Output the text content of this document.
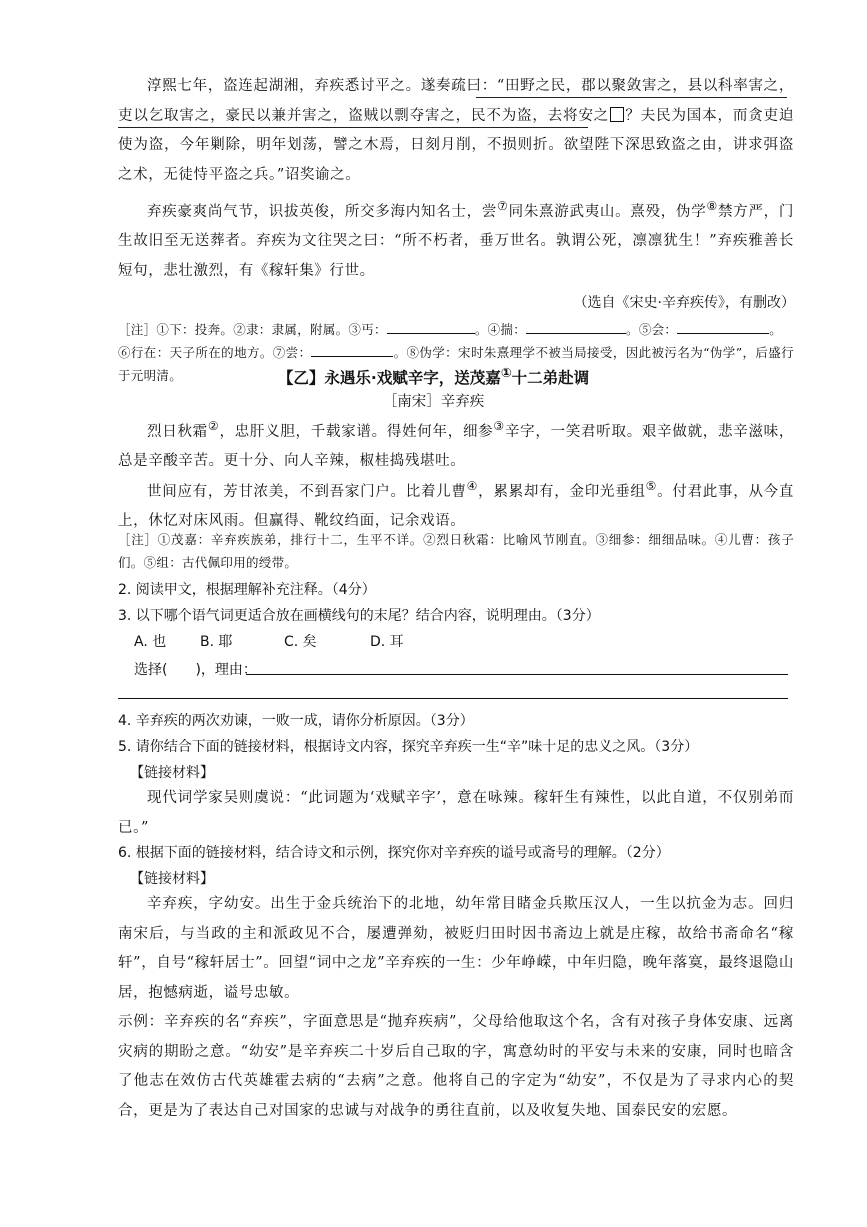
淳熙七年，盗连起湖湘，弃疾悉讨平之。遂奏疏曰：“田野之民，郡以聚敛害之，县以科率害之，吏以乞取害之，豪民以兼并害之，盗贼以剽夺害之，民不为盗，去将安之 ？夫民为国本，而贪吏迫使为盗，今年剿除，明年划荡，譬之木焉，日刻月削，不损则折。欲望陛下深思致盗之由，讲求弭盗之术，无徒恃平盗之兵。”诏奖谕之。
弃疾豪爽尚气节，识拔英俊，所交多海内知名士，尝⑦同朱熹游武夷山。熹殁，伪学⑧禁方严，门生故旧至无送葬者。弃疾为文往哭之曰：“所不朽者，垂万世名。孰谓公死，凛凛犹生！”弃疾雅善长短句，悲壮激烈，有《稼轩集》行世。
（选自《宋史·辛弃疾传》，有删改）
［注］①下：投奔。②隶：隶属，附属。③丐：	。④揣：	。⑤会：	。
⑥行在：天子所在的地方。⑦尝：	。⑧伪学：宋时朱熹理学不被当局接受，因此被污名为“伪学”，后盛行于元明清。	【乙】永遇乐·戏赋辛字，送茂嘉①十二弟赴调
［南宋］辛弃疾
烈日秋霜②，忠肝义胆，千载家谱。得姓何年，细参③辛字，一笑君听取。艰辛做就，悲辛滋味，总是辛酸辛苦。更十分、向人辛辣，椒桂捣残堪吐。
世间应有，芳甘浓美，不到吾家门户。比着儿曹④，累累却有，金印光垂组⑤。付君此事，从今直上，休忆对床风雨。但赢得、靴纹绉面，记余戏语。
［注］①茂嘉：辛弃疾族弟，排行十二，生平不详。②烈日秋霜：比喻风节刚直。③细参：细细品味。④儿曹：孩子们。⑤组：古代佩印用的绶带。
2. 阅读甲文，根据理解补充注释。（4分）
3. 以下哪个语气词更适合放在画横线句的末尾？结合内容，说明理由。（3分）
A. 也 B. 耶	C. 矣	D. 耳
选择(　　)，理由：
4. 辛弃疾的两次劝谏，一败一成，请你分析原因。（3分）
5. 请你结合下面的链接材料，根据诗文内容，探究辛弃疾一生“辛”味十足的忠义之风。（3分）
【链接材料】
现代词学家吴则虞说：“此词题为‘戏赋辛字’，意在咏辣。稼轩生有辣性，以此自道，不仅别弟而已。”
6. 根据下面的链接材料，结合诗文和示例，探究你对辛弃疾的谥号或斋号的理解。（2分）
【链接材料】
辛弃疾，字幼安。出生于金兵统治下的北地，幼年常目睹金兵欺压汉人，一生以抗金为志。回归南宋后，与当政的主和派政见不合，屡遭弹劾，被贬归田时因书斋边上就是庄稼，故给书斋命名“稼轩”，自号“稼轩居士”。回望“词中之龙”辛弃疾的一生：少年峥嵘，中年归隐，晚年落寞，最终退隐山居，抱憾病逝，谥号忠敏。
示例：辛弃疾的名“弃疾”，字面意思是“抛弃疾病”，父母给他取这个名，含有对孩子身体安康、远离灾病的期盼之意。“幼安”是辛弃疾二十岁后自己取的字，寓意幼时的平安与未来的安康，同时也暗含了他志在效仿古代英雄霍去病的“去病”之意。他将自己的字定为“幼安”，不仅是为了寻求内心的契合，更是为了表达自己对国家的忠诚与对战争的勇往直前，以及收复失地、国泰民安的宏愿。
